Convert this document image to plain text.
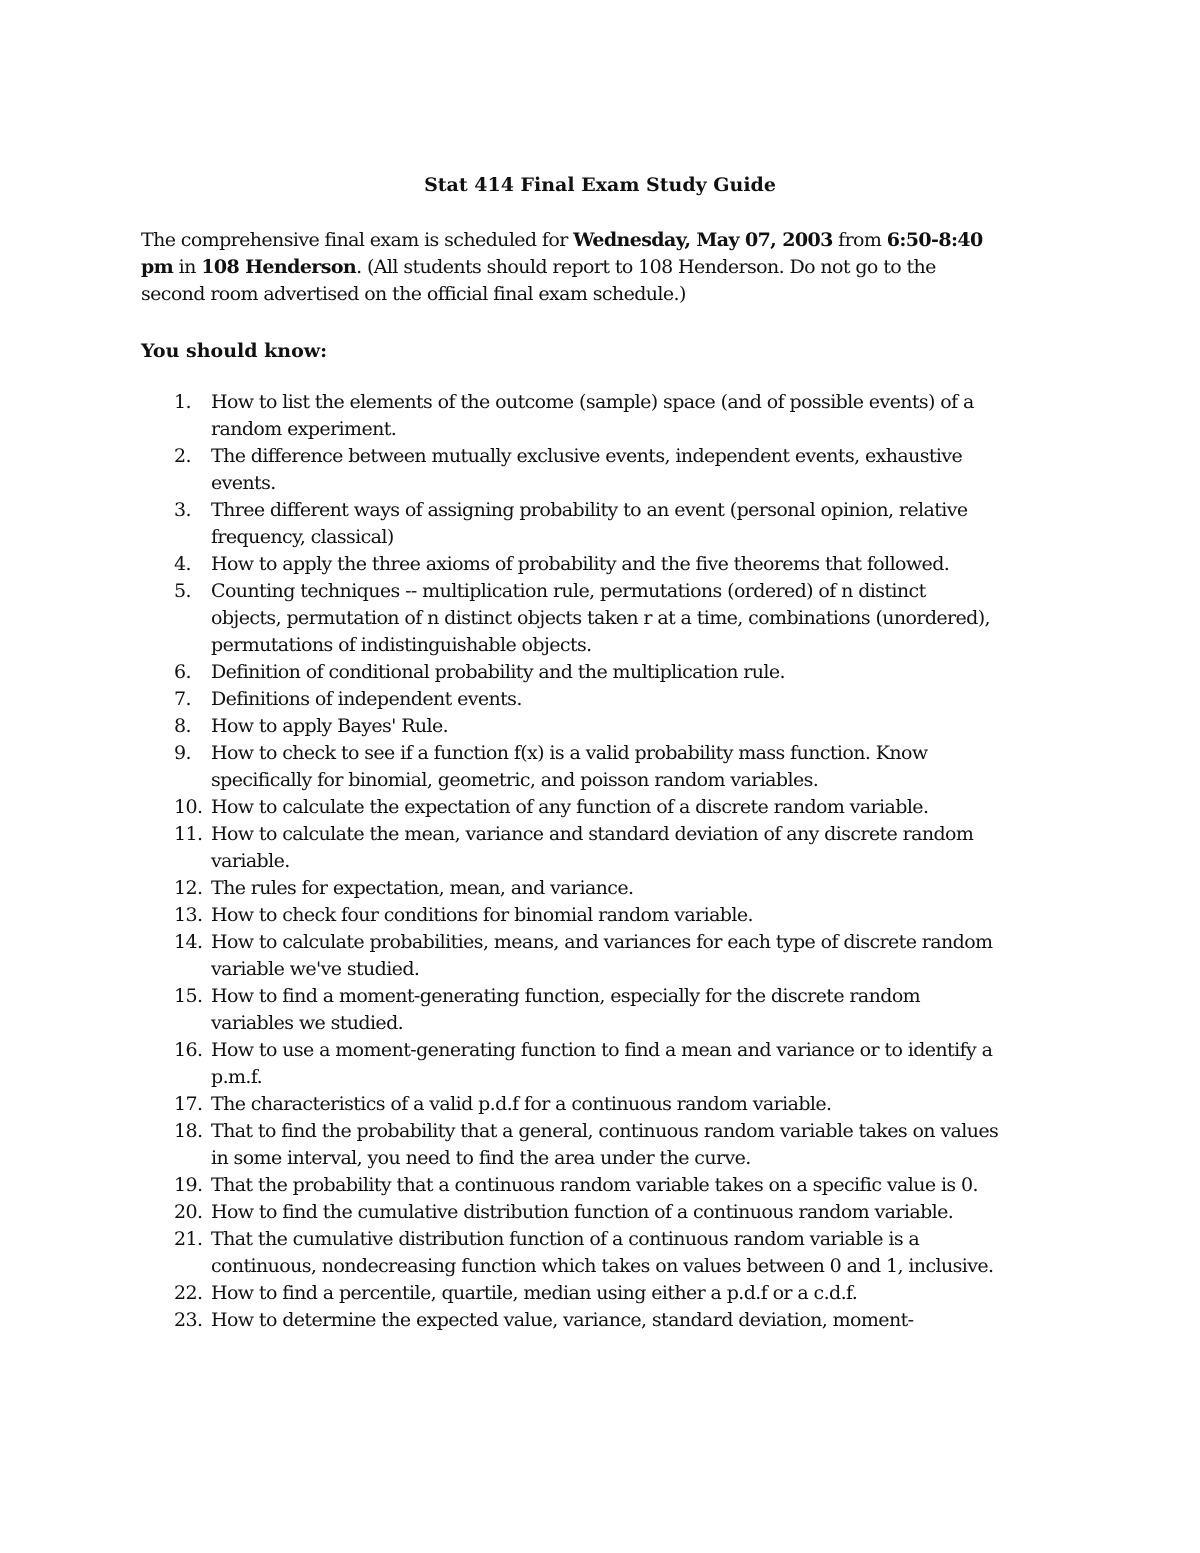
Stat 414 Final Exam Study Guide

The comprehensive final exam is scheduled for Wednesday, May 07, 2003 from 6:50-8:40 pm in 108 Henderson. (All students should report to 108 Henderson. Do not go to the second room advertised on the official final exam schedule.)

You should know:
1.	How to list the elements of the outcome (sample) space (and of possible events) of a random experiment.
2.	The difference between mutually exclusive events, independent events, exhaustive events.
3.	Three different ways of assigning probability to an event (personal opinion, relative frequency, classical)
4.	How to apply the three axioms of probability and the five theorems that followed.
5.	Counting techniques -- multiplication rule, permutations (ordered) of n distinct objects, permutation of n distinct objects taken r at a time, combinations (unordered), permutations of indistinguishable objects.
6.	Definition of conditional probability and the multiplication rule.
7.	Definitions of independent events.
8.	How to apply Bayes' Rule.
9.	How to check to see if a function f(x) is a valid probability mass function. Know specifically for binomial, geometric, and poisson random variables.
10. How to calculate the expectation of any function of a discrete random variable.
11. How to calculate the mean, variance and standard deviation of any discrete random variable.
12. The rules for expectation, mean, and variance.
13. How to check four conditions for binomial random variable.
14. How to calculate probabilities, means, and variances for each type of discrete random variable we've studied.
15. How to find a moment-generating function, especially for the discrete random variables we studied.
16. How to use a moment-generating function to find a mean and variance or to identify a p.m.f.
17. The characteristics of a valid p.d.f for a continuous random variable.
18. That to find the probability that a general, continuous random variable takes on values in some interval, you need to find the area under the curve.
19. That the probability that a continuous random variable takes on a specific value is 0.
20. How to find the cumulative distribution function of a continuous random variable.
21. That the cumulative distribution function of a continuous random variable is a continuous, nondecreasing function which takes on values between 0 and 1, inclusive.
22. How to find a percentile, quartile, median using either a p.d.f or a c.d.f.
23. How to determine the expected value, variance, standard deviation, moment-
